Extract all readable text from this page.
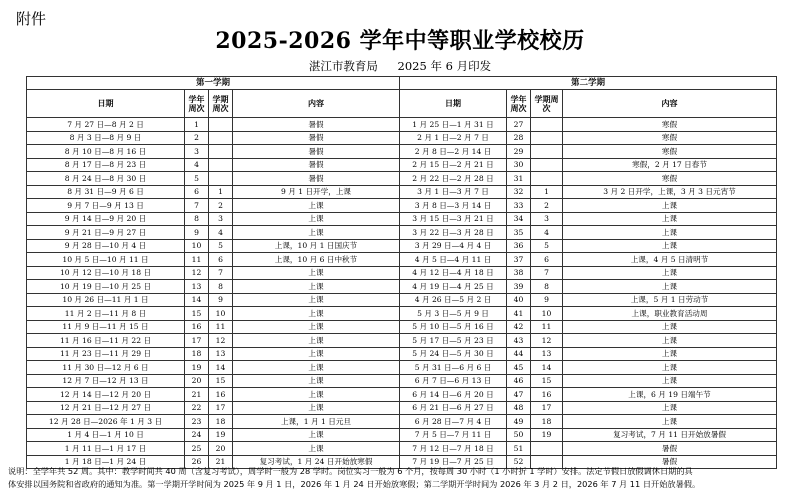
附件
2025-2026 学年中等职业学校校历
湛江市教育局 2025 年 6 月印发
第一学期				第二学期			
日期	学年周次	学期周次	内容	日期	学年周次	学期周次	内容
7 月 27 日—8 月 2 日	1		暑假	1 月 25 日—1 月 31 日	27		寒假
8 月 3 日—8 月 9 日	2		暑假	2 月 1 日—2 月 7 日	28		寒假
8 月 10 日—8 月 16 日	3		暑假	2 月 8 日—2 月 14 日	29		寒假
8 月 17 日—8 月 23 日	4		暑假	2 月 15 日—2 月 21 日	30		寒假，2 月 17 日春节
8 月 24 日—8 月 30 日	5		暑假	2 月 22 日—2 月 28 日	31		寒假
8 月 31 日—9 月 6 日	6	1	9 月 1 日开学，上课	3 月 1 日—3 月 7 日	32	1	3 月 2 日开学，上课，3 月 3 日元宵节
9 月 7 日—9 月 13 日	7	2	上课	3 月 8 日—3 月 14 日	33	2	上课
9 月 14 日—9 月 20 日	8	3	上课	3 月 15 日—3 月 21 日	34	3	上课
9 月 21 日—9 月 27 日	9	4	上课	3 月 22 日—3 月 28 日	35	4	上课
9 月 28 日—10 月 4 日	10	5	上课，10 月 1 日国庆节	3 月 29 日—4 月 4 日	36	5	上课
10 月 5 日—10 月 11 日	11	6	上课，10 月 6 日中秋节	4 月 5 日—4 月 11 日	37	6	上课，4 月 5 日清明节
10 月 12 日—10 月 18 日	12	7	上课	4 月 12 日—4 月 18 日	38	7	上课
10 月 19 日—10 月 25 日	13	8	上课	4 月 19 日—4 月 25 日	39	8	上课
10 月 26 日—11 月 1 日	14	9	上课	4 月 26 日—5 月 2 日	40	9	上课，5 月 1 日劳动节
11 月 2 日—11 月 8 日	15	10	上课	5 月 3 日—5 月 9 日	41	10	上课，职业教育活动周
11 月 9 日—11 月 15 日	16	11	上课	5 月 10 日—5 月 16 日	42	11	上课
11 月 16 日—11 月 22 日	17	12	上课	5 月 17 日—5 月 23 日	43	12	上课
11 月 23 日—11 月 29 日	18	13	上课	5 月 24 日—5 月 30 日	44	13	上课
11 月 30 日—12 月 6 日	19	14	上课	5 月 31 日—6 月 6 日	45	14	上课
12 月 7 日—12 月 13 日	20	15	上课	6 月 7 日—6 月 13 日	46	15	上课
12 月 14 日—12 月 20 日	21	16	上课	6 月 14 日—6 月 20 日	47	16	上课，6 月 19 日端午节
12 月 21 日—12 月 27 日	22	17	上课	6 月 21 日—6 月 27 日	48	17	上课
12 月 28 日—2026 年 1 月 3 日	23	18	上课，1 月 1 日元旦	6 月 28 日—7 月 4 日	49	18	上课
1 月 4 日—1 月 10 日	24	19	上课	7 月 5 日—7 月 11 日	50	19	复习考试，7 月 11 日开始放暑假
1 月 11 日—1 月 17 日	25	20	上课	7 月 12 日—7 月 18 日	51		暑假
1 月 18 日—1 月 24 日	26	21	复习考试，1 月 24 日开始放寒假	7 月 19 日—7 月 25 日	52		暑假
说明：全学年共 52 周。其中：教学时间共 40 周（含复习考试），周学时一般为 28 学时。岗位实习一般为 6 个月，按每周 30 小时（1 小时折 1 学时）安排。法定节假日放假调休日期的具
体安排以国务院和省政府的通知为准。第一学期开学时间为 2025 年 9 月 1 日，2026 年 1 月 24 日开始放寒假；第二学期开学时间为 2026 年 3 月 2 日，2026 年 7 月 11 日开始放暑假。
